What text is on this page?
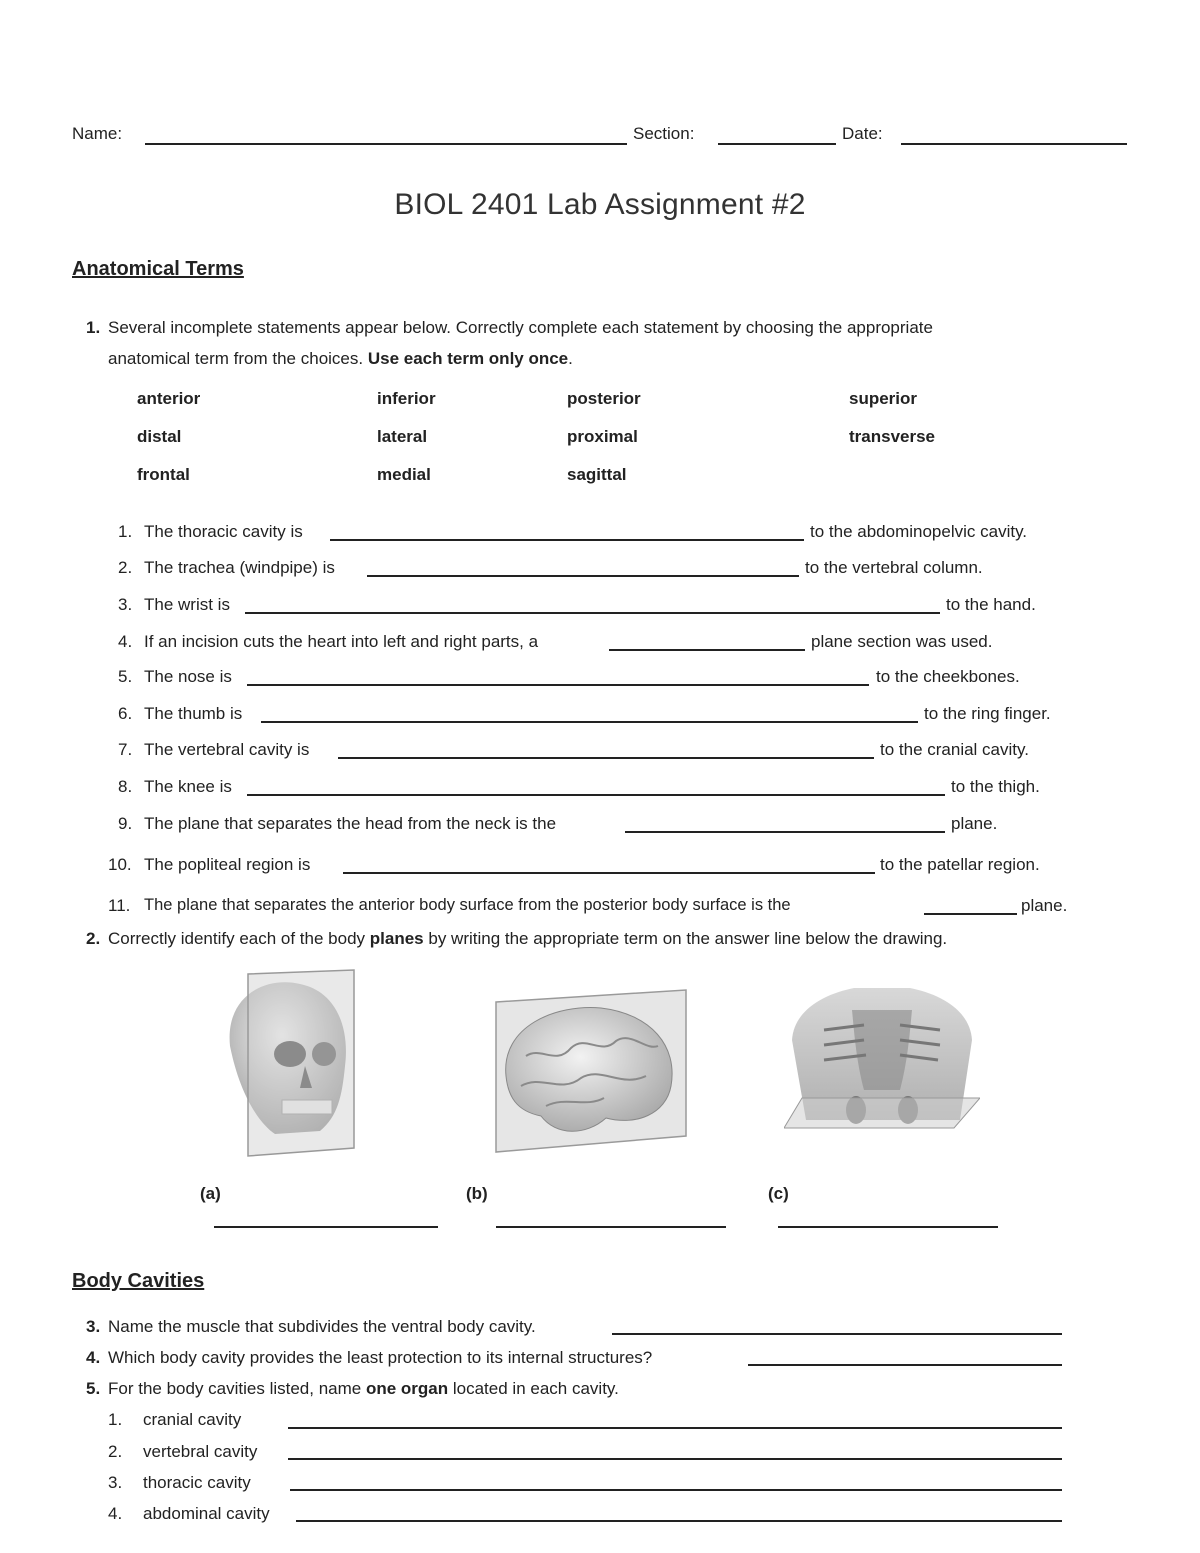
Name:	Section:	Date:
BIOL 2401 Lab Assignment #2
Anatomical Terms
1. Several incomplete statements appear below. Correctly complete each statement by choosing the appropriate
anatomical term from the choices. Use each term only once.
anterior	inferior	posterior	superior
distal	lateral	proximal	transverse
frontal	medial	sagittal
1. The thoracic cavity is	to the abdominopelvic cavity.
2. The trachea (windpipe) is	to the vertebral column.
3. The wrist is	to the hand.
4. If an incision cuts the heart into left and right parts, a	plane section was used.
5. The nose is	to the cheekbones.
6. The thumb is	to the ring finger.
7. The vertebral cavity is	to the cranial cavity.
8. The knee is	to the thigh.
9. The plane that separates the head from the neck is the	plane.
10. The popliteal region is	to the patellar region.
11. The plane that separates the anterior body surface from the posterior body surface is the	plane.
2. Correctly identify each of the body planes by writing the appropriate term on the answer line below the drawing.
(a)	(b)	(c)
Body Cavities
3. Name the muscle that subdivides the ventral body cavity.
4. Which body cavity provides the least protection to its internal structures?
5. For the body cavities listed, name one organ located in each cavity.
1. cranial cavity
2. vertebral cavity
3. thoracic cavity
4. abdominal cavity
